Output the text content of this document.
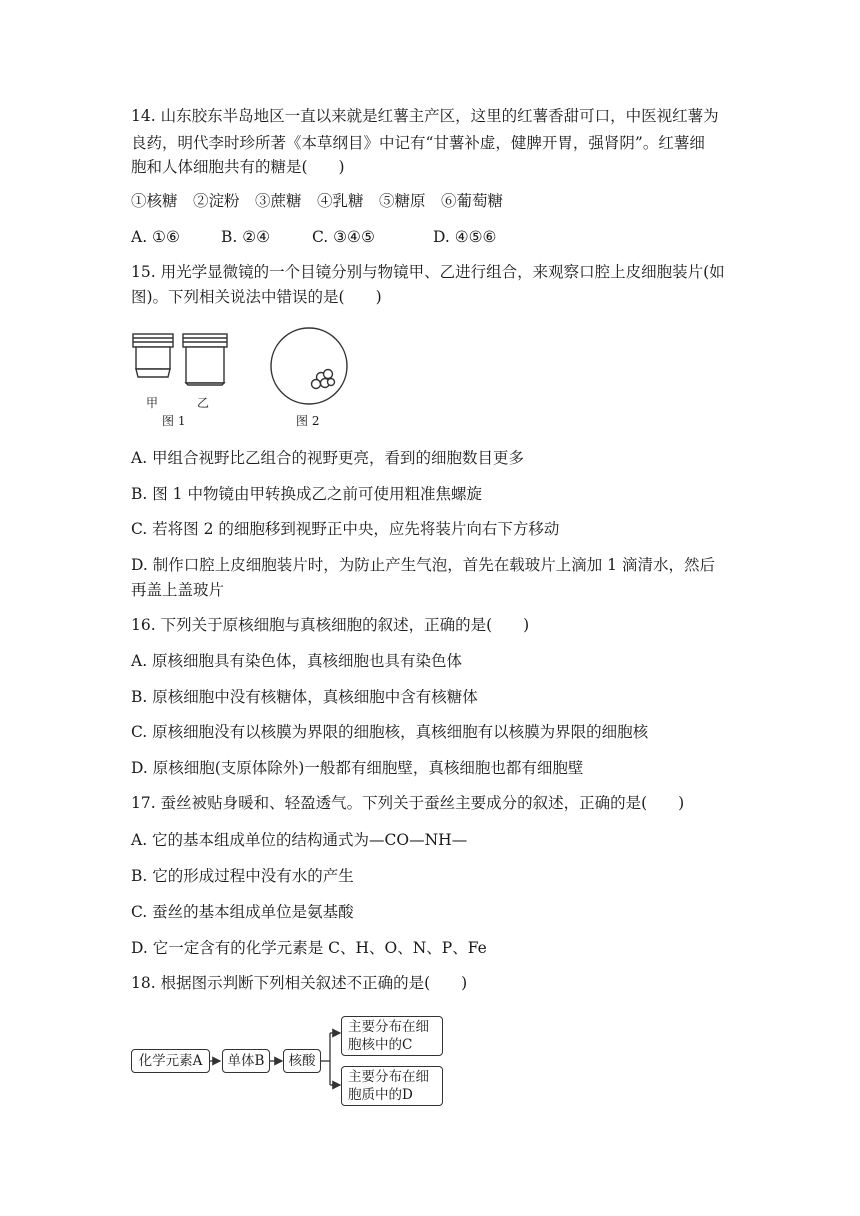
14. 山东胶东半岛地区一直以来就是红薯主产区，这里的红薯香甜可口，中医视红薯为
良药，明代李时珍所著《本草纲目》中记有“甘薯补虚，健脾开胃，强肾阴”。红薯细
胞和人体细胞共有的糖是(　　)
①核糖　②淀粉　③蔗糖　④乳糖　⑤糖原　⑥葡萄糖
A. ①⑥	B. ②④	C. ③④⑤	D. ④⑤⑥
15. 用光学显微镜的一个目镜分别与物镜甲、乙进行组合，来观察口腔上皮细胞装片(如
图)。下列相关说法中错误的是(　　)
甲	乙
图 1	图 2
A. 甲组合视野比乙组合的视野更亮，看到的细胞数目更多
B. 图 1 中物镜由甲转换成乙之前可使用粗准焦螺旋
C. 若将图 2 的细胞移到视野正中央，应先将装片向右下方移动
D. 制作口腔上皮细胞装片时，为防止产生气泡，首先在载玻片上滴加 1 滴清水，然后
再盖上盖玻片
16. 下列关于原核细胞与真核细胞的叙述，正确的是(　　)
A. 原核细胞具有染色体，真核细胞也具有染色体
B. 原核细胞中没有核糖体，真核细胞中含有核糖体
C. 原核细胞没有以核膜为界限的细胞核，真核细胞有以核膜为界限的细胞核
D. 原核细胞(支原体除外)一般都有细胞壁，真核细胞也都有细胞壁
17. 蚕丝被贴身暖和、轻盈透气。下列关于蚕丝主要成分的叙述，正确的是(　　)
A. 它的基本组成单位的结构通式为—CO—NH—
B. 它的形成过程中没有水的产生
C. 蚕丝的基本组成单位是氨基酸
D. 它一定含有的化学元素是 C、H、O、N、P、Fe
18. 根据图示判断下列相关叙述不正确的是(　　)
化学元素A	单体B	核酸
主要分布在细
胞核中的C
主要分布在细
胞质中的D
